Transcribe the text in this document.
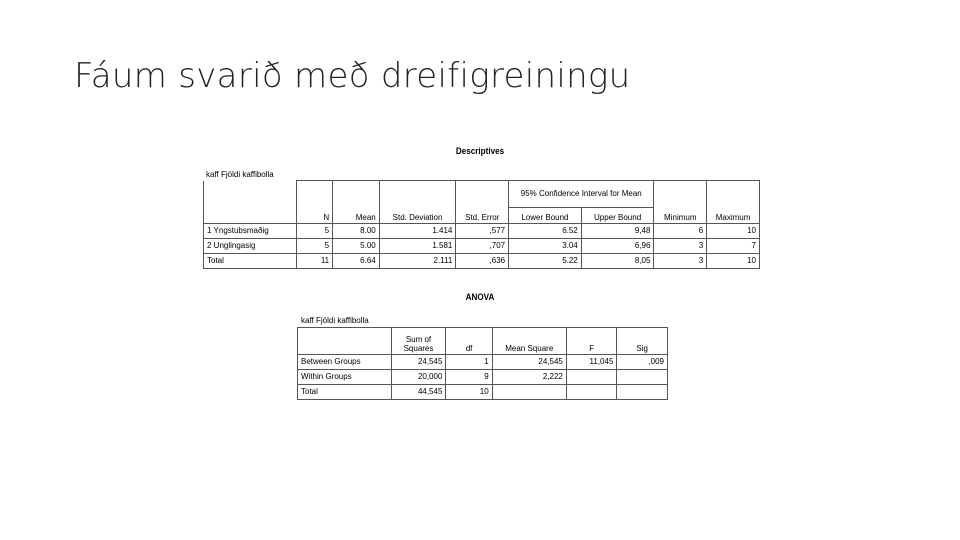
Fáum svarið með dreifigreiningu
Descriptives
kaff Fjöldi kaffibolla
					95% Confidence Interval for Mean			
	N	Mean	Std. Deviation	Std. Error	Lower Bound	Upper Bound	Minimum	Maximum
1 Yngstubsmaðig	5	8.00	1.414	,577	6.52	9,48	6	10
2 Unglingasig	5	5.00	1.581	,707	3.04	6,96	3	7
Total	11	6.64	2.111	,636	5.22	8,05	3	10
ANOVA
kaff Fjöldi kaffibolla
	Sum of Squares	df	Mean Square	F	Sig
Between Groups	24,545	1	24,545	11,045	,009
Within Groups	20,000	9	2,222		
Total	44,545	10			
